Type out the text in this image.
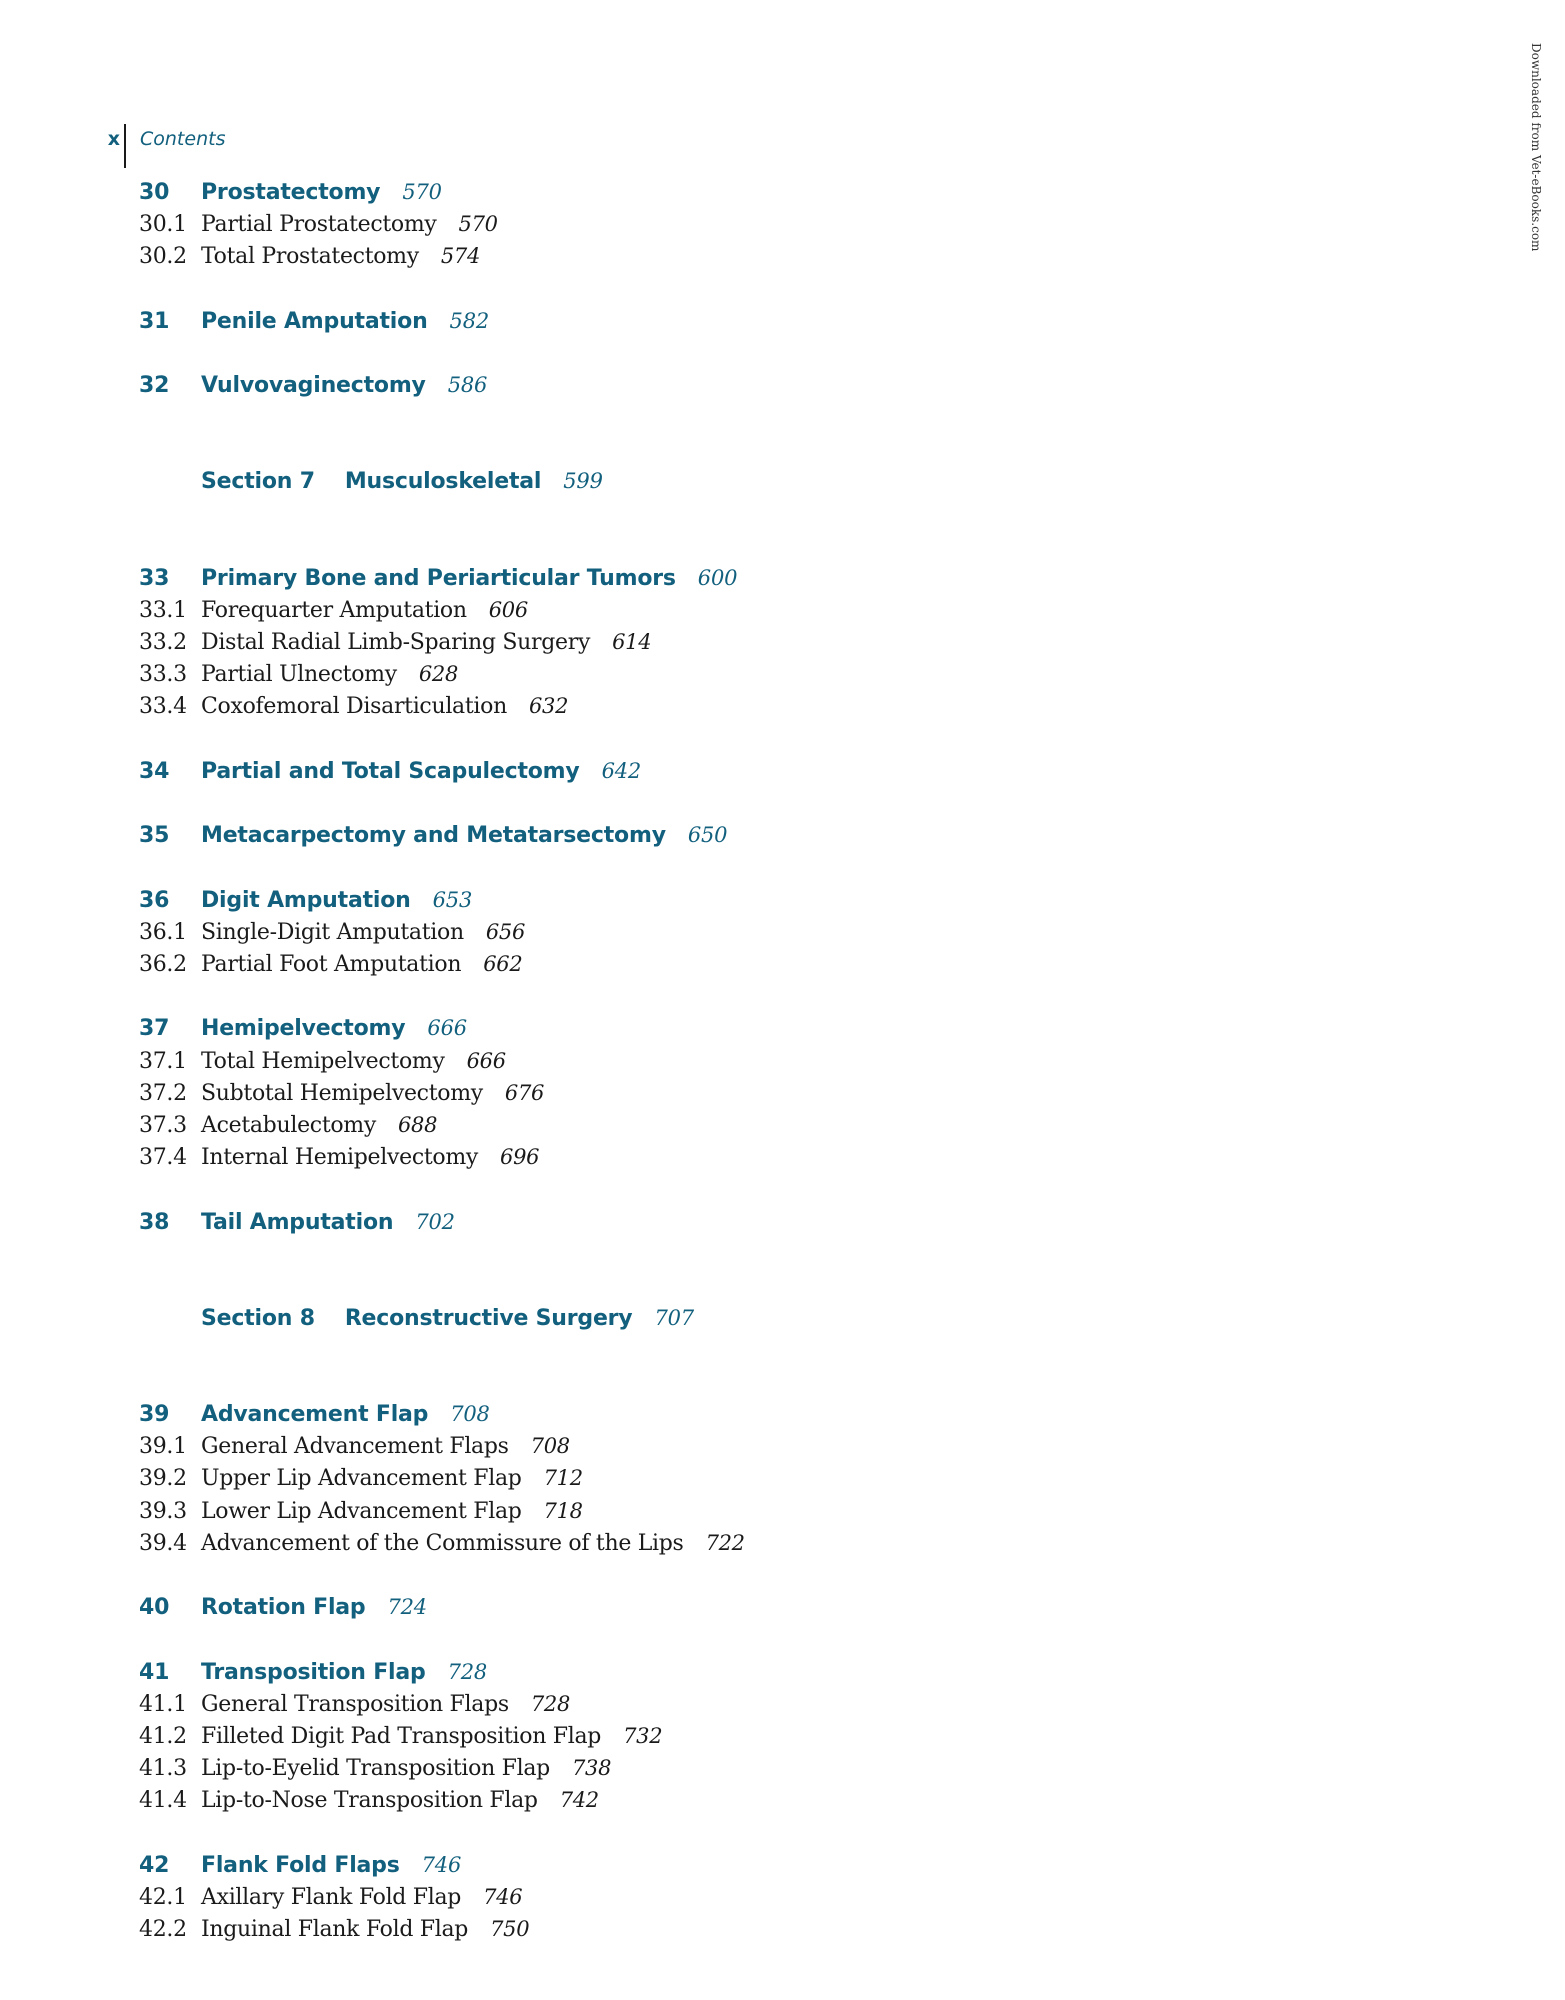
x Contents	Downloaded from Vet-eBooks.com
30 Prostatectomy 570
30.1 Partial Prostatectomy 570
30.2 Total Prostatectomy 574
31 Penile Amputation 582
32 Vulvovaginectomy 586
Section 7 Musculoskeletal 599
33 Primary Bone and Periarticular Tumors 600
33.1 Forequarter Amputation 606
33.2 Distal Radial Limb-Sparing Surgery 614
33.3 Partial Ulnectomy 628
33.4 Coxofemoral Disarticulation 632
34 Partial and Total Scapulectomy 642
35 Metacarpectomy and Metatarsectomy 650
36 Digit Amputation 653
36.1 Single-Digit Amputation 656
36.2 Partial Foot Amputation 662
37 Hemipelvectomy 666
37.1 Total Hemipelvectomy 666
37.2 Subtotal Hemipelvectomy 676
37.3 Acetabulectomy 688
37.4 Internal Hemipelvectomy 696
38 Tail Amputation 702
Section 8 Reconstructive Surgery 707
39 Advancement Flap 708
39.1 General Advancement Flaps 708
39.2 Upper Lip Advancement Flap 712
39.3 Lower Lip Advancement Flap 718
39.4 Advancement of the Commissure of the Lips 722
40 Rotation Flap 724
41 Transposition Flap 728
41.1 General Transposition Flaps 728
41.2 Filleted Digit Pad Transposition Flap 732
41.3 Lip-to-Eyelid Transposition Flap 738
41.4 Lip-to-Nose Transposition Flap 742
42 Flank Fold Flaps 746
42.1 Axillary Flank Fold Flap 746
42.2 Inguinal Flank Fold Flap 750
